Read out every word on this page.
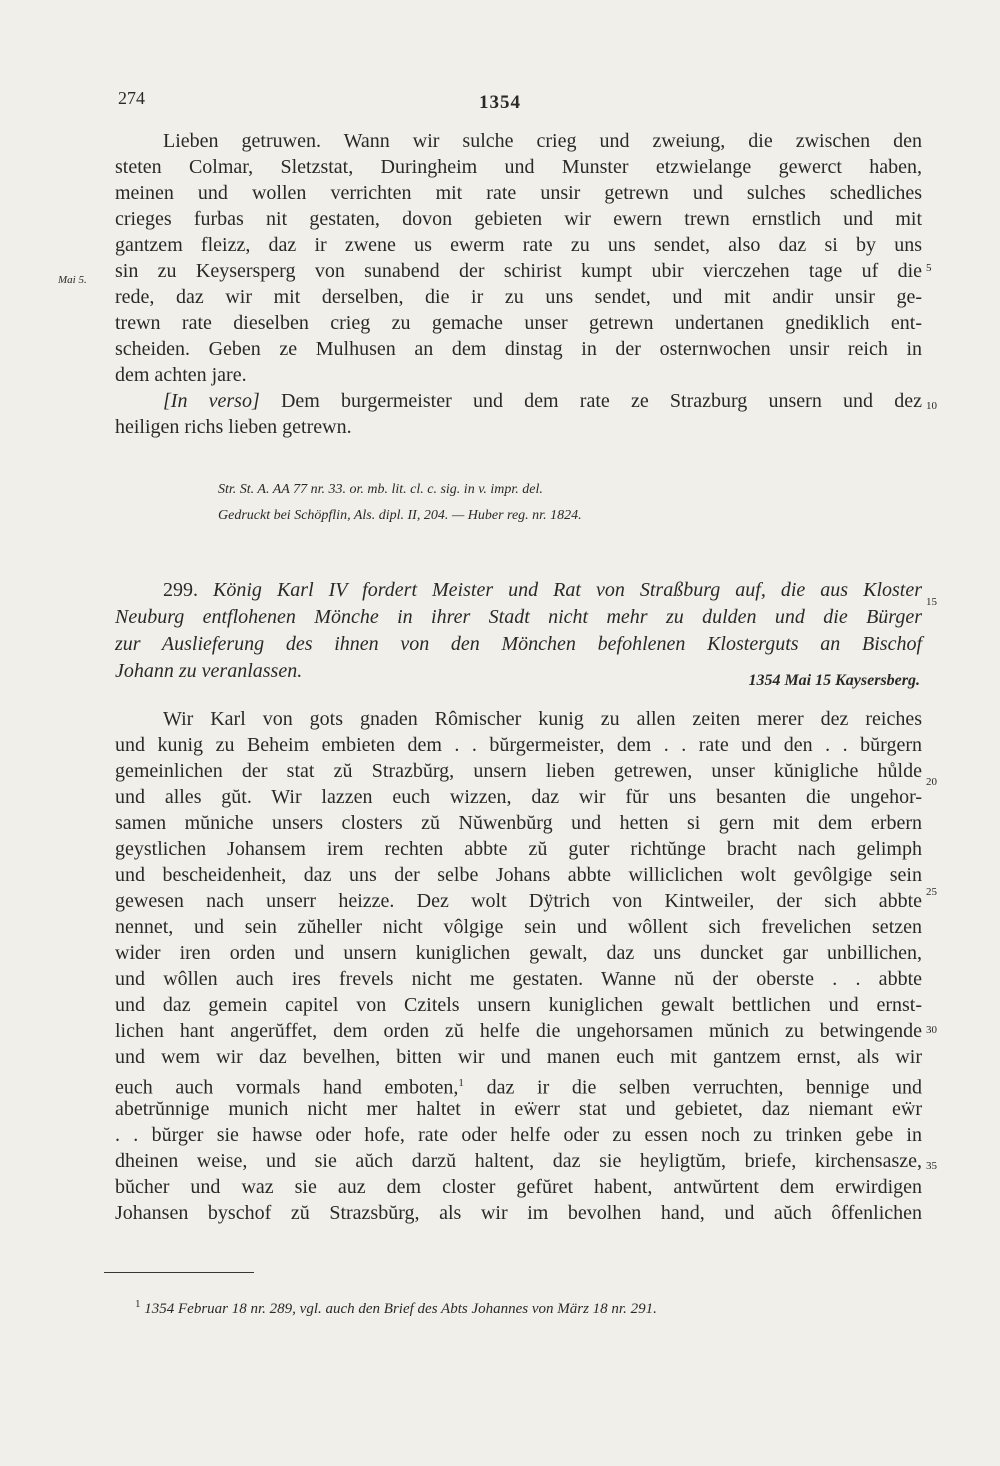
274	1354
Lieben getruwen. Wann wir sulche crieg und zweiung, die zwischen den
steten Colmar, Sletzstat, Duringheim und Munster etzwielange gewerct haben,
meinen und wollen verrichten mit rate unsir getrewn und sulches schedliches
crieges furbas nit gestaten, dovon gebieten wir ewern trewn ernstlich und mit
gantzem fleizz, daz ir zwene us ewerm rate zu uns sendet, also daz si by uns
sin zu Keysersperg von sunabend der schirist kumpt ubir vierczehen tage uf die
rede, daz wir mit derselben, die ir zu uns sendet, und mit andir unsir ge-
trewn rate dieselben crieg zu gemache unser getrewn undertanen gnediklich ent-
scheiden. Geben ze Mulhusen an dem dinstag in der osternwochen unsir reich in
dem achten jare.
[In verso] Dem burgermeister und dem rate ze Strazburg unsern und dez
heiligen richs lieben getrewn.
Mai 5.
5
10
Str. St. A. AA 77 nr. 33. or. mb. lit. cl. c. sig. in v. impr. del.
Gedruckt bei Schöpflin, Als. dipl. II, 204. — Huber reg. nr. 1824.
299. König Karl IV fordert Meister und Rat von Straßburg auf, die aus Kloster
Neuburg entflohenen Mönche in ihrer Stadt nicht mehr zu dulden und die Bürger
zur Auslieferung des ihnen von den Mönchen befohlenen Klosterguts an Bischof
Johann zu veranlassen.	1354 Mai 15 Kaysersberg.
15
Wir Karl von gots gnaden Rômischer kunig zu allen zeiten merer dez reiches
und kunig zu Beheim embieten dem . . bŭrgermeister, dem . . rate und den . . bŭrgern
gemeinlichen der stat zŭ Strazbŭrg, unsern lieben getrewen, unser kŭnigliche hůlde
und alles gŭt. Wir lazzen euch wizzen, daz wir fŭr uns besanten die ungehor-
samen mŭniche unsers closters zŭ Nŭwenbŭrg und hetten si gern mit dem erbern
geystlichen Johansem irem rechten abbte zŭ guter richtŭnge bracht nach gelimph
und bescheidenheit, daz uns der selbe Johans abbte williclichen wolt gevôlgige sein
gewesen nach unserr heizze. Dez wolt Dÿtrich von Kintweiler, der sich abbte
nennet, und sein zŭheller nicht vôlgige sein und wôllent sich frevelichen setzen
wider iren orden und unsern kuniglichen gewalt, daz uns duncket gar unbillichen,
und wôllen auch ires frevels nicht me gestaten. Wanne nŭ der oberste . . abbte
und daz gemein capitel von Czitels unsern kuniglichen gewalt bettlichen und ernst-
lichen hant angerŭffet, dem orden zŭ helfe die ungehorsamen mŭnich zu betwingende
und wem wir daz bevelhen, bitten wir und manen euch mit gantzem ernst, als wir
euch auch vormals hand emboten,$^1$ daz ir die selben verruchten, bennige und
abetrŭnnige munich nicht mer haltet in eẅerr stat und gebietet, daz niemant eẅr
. . bŭrger sie hawse oder hofe, rate oder helfe oder zu essen noch zu trinken gebe in
dheinen weise, und sie aŭch darzŭ haltent, daz sie heyligtŭm, briefe, kirchensasze,
bŭcher und waz sie auz dem closter gefŭret habent, antwŭrtent dem erwirdigen
Johansen byschof zŭ Strazsbŭrg, als wir im bevolhen hand, und aŭch ôffenlichen
20
25
30
35
$^1$ 1354 Februar 18 nr. 289, vgl. auch den Brief des Abts Johannes von März 18 nr. 291.
